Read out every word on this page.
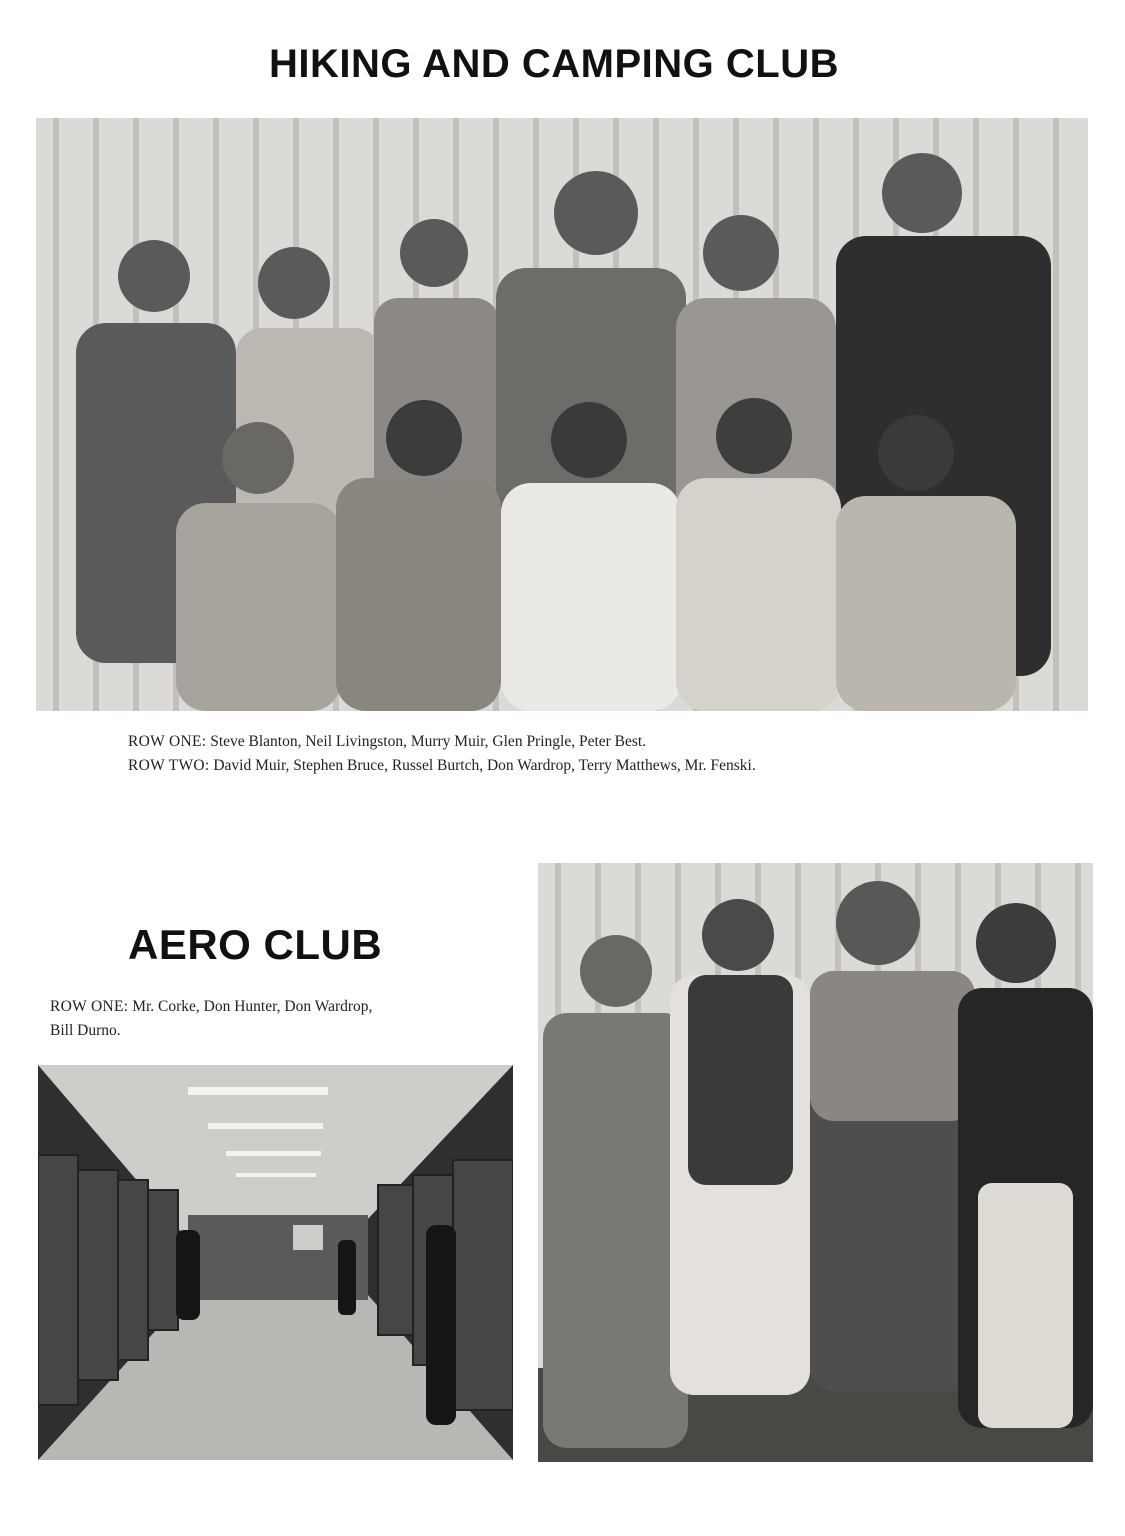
HIKING AND CAMPING CLUB

ROW ONE: Steve Blanton, Neil Livingston, Murry Muir, Glen Pringle, Peter Best.
ROW TWO: David Muir, Stephen Bruce, Russel Burtch, Don Wardrop, Terry Matthews, Mr. Fenski.

AERO CLUB

ROW ONE: Mr. Corke, Don Hunter, Don Wardrop,
Bill Durno.
